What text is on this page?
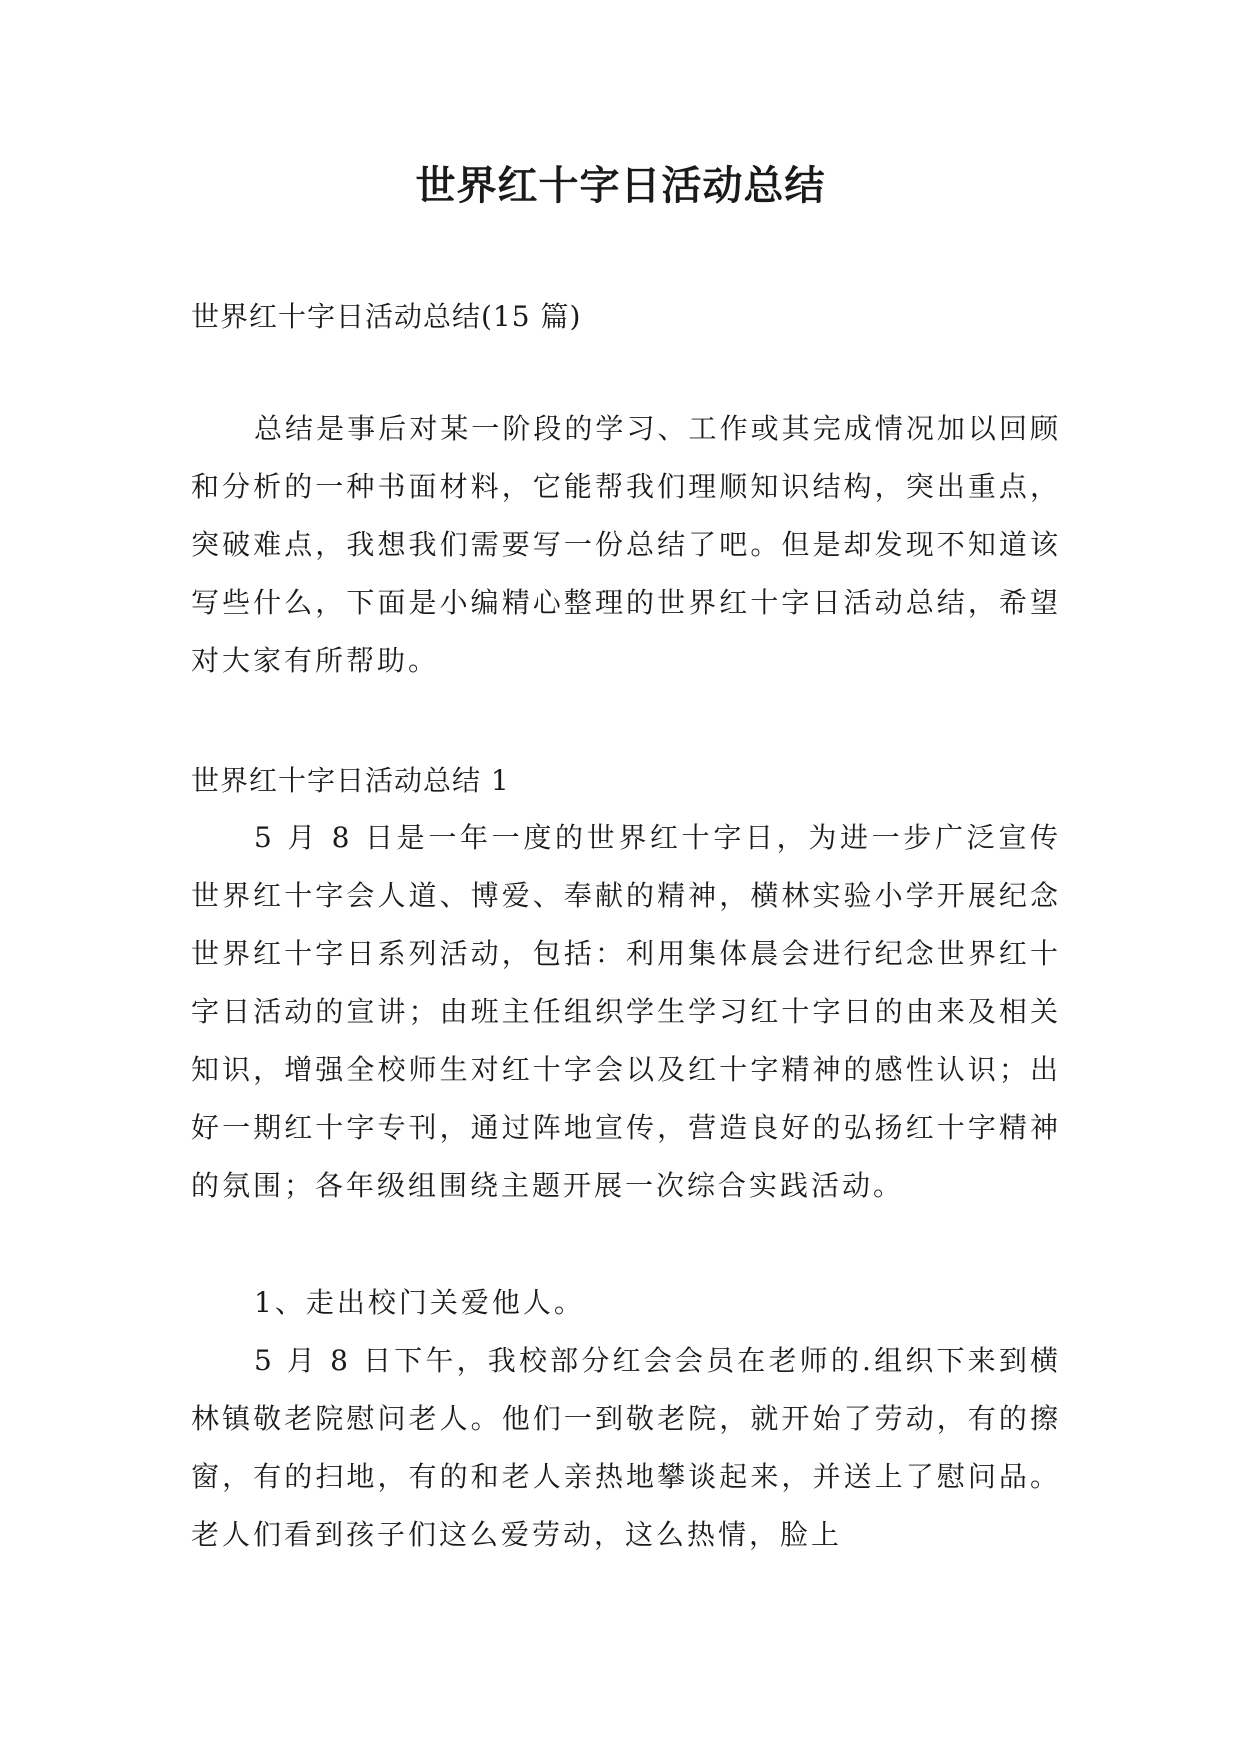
世界红十字日活动总结

世界红十字日活动总结(15 篇)

总结是事后对某一阶段的学习、工作或其完成情况加以回顾和分析的一种书面材料，它能帮我们理顺知识结构，突出重点，突破难点，我想我们需要写一份总结了吧。但是却发现不知道该写些什么，下面是小编精心整理的世界红十字日活动总结，希望对大家有所帮助。

世界红十字日活动总结 1

5 月 8 日是一年一度的世界红十字日，为进一步广泛宣传世界红十字会人道、博爱、奉献的精神，横林实验小学开展纪念世界红十字日系列活动，包括：利用集体晨会进行纪念世界红十字日活动的宣讲；由班主任组织学生学习红十字日的由来及相关知识，增强全校师生对红十字会以及红十字精神的感性认识；出好一期红十字专刊，通过阵地宣传，营造良好的弘扬红十字精神的氛围；各年级组围绕主题开展一次综合实践活动。

1、走出校门关爱他人。

5 月 8 日下午，我校部分红会会员在老师的.组织下来到横林镇敬老院慰问老人。他们一到敬老院，就开始了劳动，有的擦窗，有的扫地，有的和老人亲热地攀谈起来，并送上了慰问品。老人们看到孩子们这么爱劳动，这么热情，脸上
